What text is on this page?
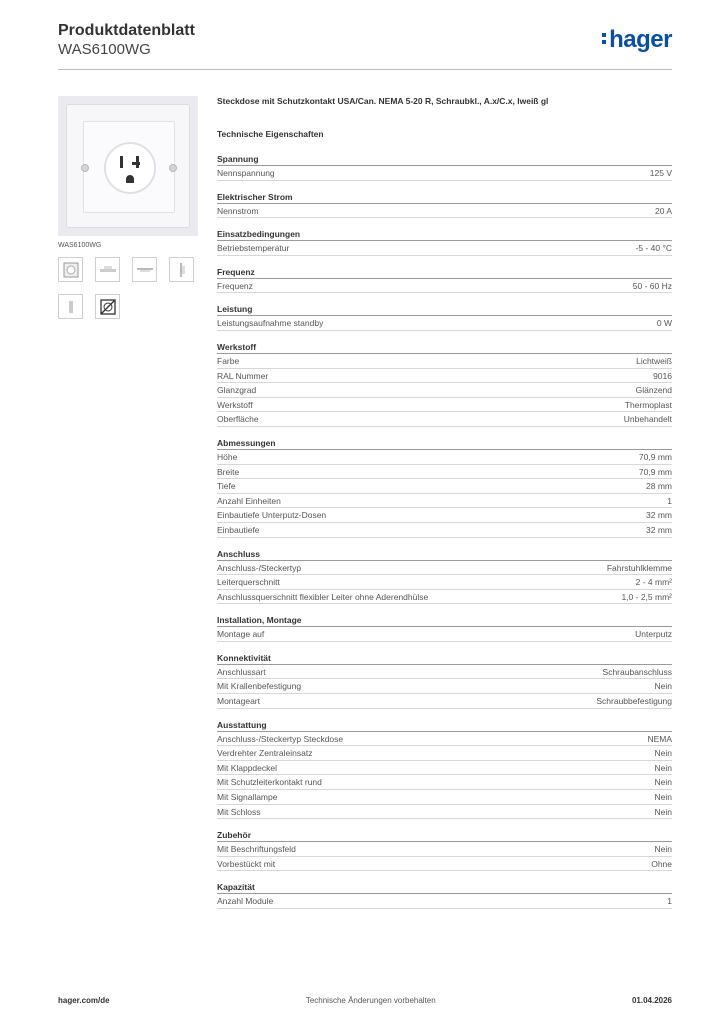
Produktdatenblatt
WAS6100WG	hager
WAS6100WG
Steckdose mit Schutzkontakt USA/Can. NEMA 5-20 R, Schraubkl., A.x/C.x, lweiß gl
Technische Eigenschaften
Spannung
Nennspannung	125 V
Elektrischer Strom
Nennstrom	20 A
Einsatzbedingungen
Betriebstemperatur	-5 - 40 °C
Frequenz
Frequenz	50 - 60 Hz
Leistung
Leistungsaufnahme standby	0 W
Werkstoff
Farbe	Lichtweiß
RAL Nummer	9016
Glanzgrad	Glänzend
Werkstoff	Thermoplast
Oberfläche	Unbehandelt
Abmessungen
Höhe	70,9 mm
Breite	70,9 mm
Tiefe	28 mm
Anzahl Einheiten	1
Einbautiefe Unterputz-Dosen	32 mm
Einbautiefe	32 mm
Anschluss
Anschluss-/Steckertyp	Fahrstuhlklemme
Leiterquerschnitt	2 - 4 mm²
Anschlussquerschnitt flexibler Leiter ohne Aderendhülse	1,0 - 2,5 mm²
Installation, Montage
Montage auf	Unterputz
Konnektivität
Anschlussart	Schraubanschluss
Mit Krallenbefestigung	Nein
Montageart	Schraubbefestigung
Ausstattung
Anschluss-/Steckertyp Steckdose	NEMA
Verdrehter Zentraleinsatz	Nein
Mit Klappdeckel	Nein
Mit Schutzleiterkontakt rund	Nein
Mit Signallampe	Nein
Mit Schloss	Nein
Zubehör
Mit Beschriftungsfeld	Nein
Vorbestückt mit	Ohne
Kapazität
Anzahl Module	1
hager.com/de	Technische Änderungen vorbehalten	01.04.2026
